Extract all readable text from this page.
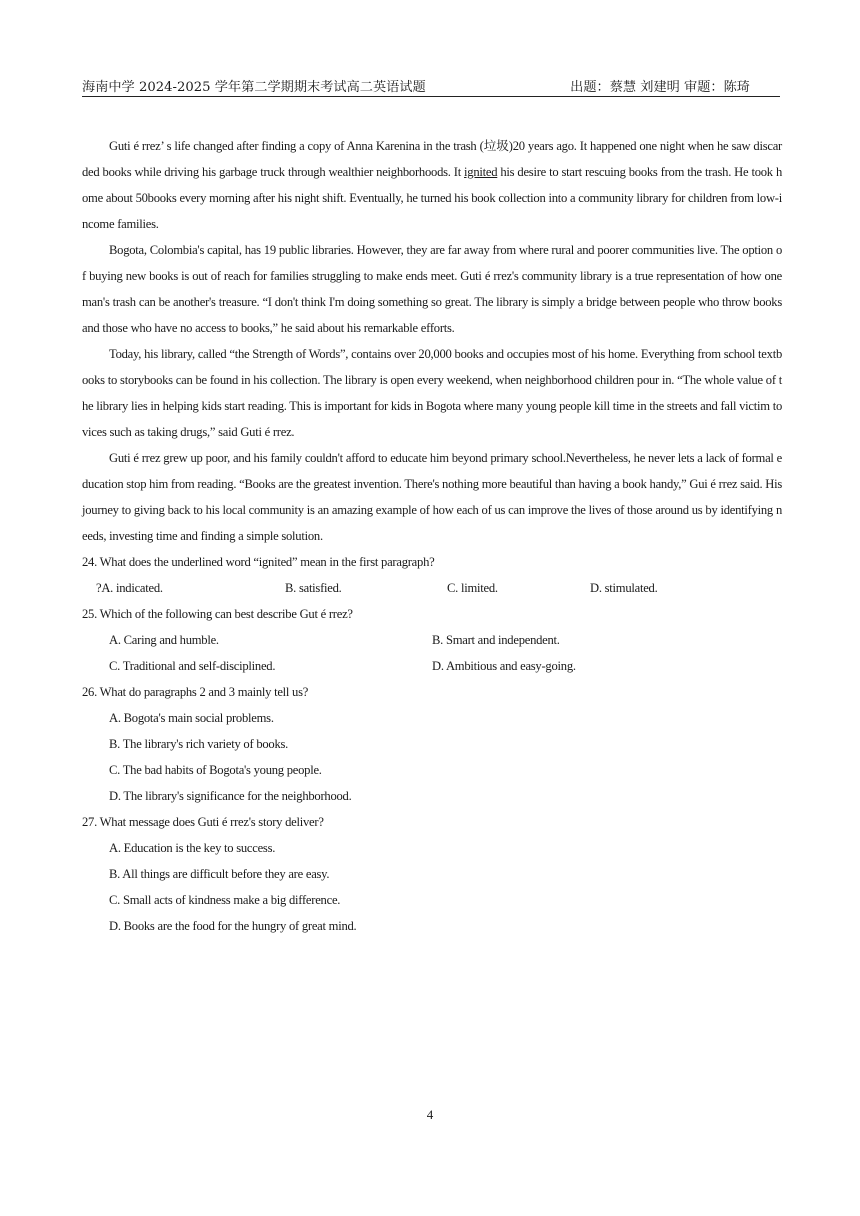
海南中学 2024-2025 学年第二学期期末考试高二英语试题	出题：蔡慧 刘建明 审题：陈琦

Guti é rrez’ s life changed after finding a copy of Anna Karenina in the trash (垃圾)20 years ago. It happened one night when he saw discarded books while driving his garbage truck through wealthier neighborhoods. It ignited his desire to start rescuing books from the trash. He took home about 50books every morning after his night shift. Eventually, he turned his book collection into a community library for children from low-income families.

Bogota, Colombia's capital, has 19 public libraries. However, they are far away from where rural and poorer communities live. The option of buying new books is out of reach for families struggling to make ends meet. Guti é rrez's community library is a true representation of how one man's trash can be another's treasure. “I don't think I'm doing something so great. The library is simply a bridge between people who throw books and those who have no access to books,” he said about his remarkable efforts.

Today, his library, called “the Strength of Words”, contains over 20,000 books and occupies most of his home. Everything from school textbooks to storybooks can be found in his collection. The library is open every weekend, when neighborhood children pour in. “The whole value of the library lies in helping kids start reading. This is important for kids in Bogota where many young people kill time in the streets and fall victim to vices such as taking drugs,” said Guti é rrez.

Guti é rrez grew up poor, and his family couldn't afford to educate him beyond primary school.Nevertheless, he never lets a lack of formal education stop him from reading. “Books are the greatest invention. There's nothing more beautiful than having a book handy,” Gui é rrez said. His journey to giving back to his local community is an amazing example of how each of us can improve the lives of those around us by identifying needs, investing time and finding a simple solution.

24. What does the underlined word “ignited” mean in the first paragraph?

?A. indicated.	B. satisfied.	C. limited.	D. stimulated.

25. Which of the following can best describe Gut é rrez?

A. Caring and humble.	B. Smart and independent.
C. Traditional and self-disciplined.	D. Ambitious and easy-going.

26. What do paragraphs 2 and 3 mainly tell us?

A. Bogota's main social problems.

B. The library's rich variety of books.

C. The bad habits of Bogota's young people.

D. The library's significance for the neighborhood.

27. What message does Guti é rrez's story deliver?

A. Education is the key to success.

B. All things are difficult before they are easy.

C. Small acts of kindness make a big difference.

D. Books are the food for the hungry of great mind.

4
